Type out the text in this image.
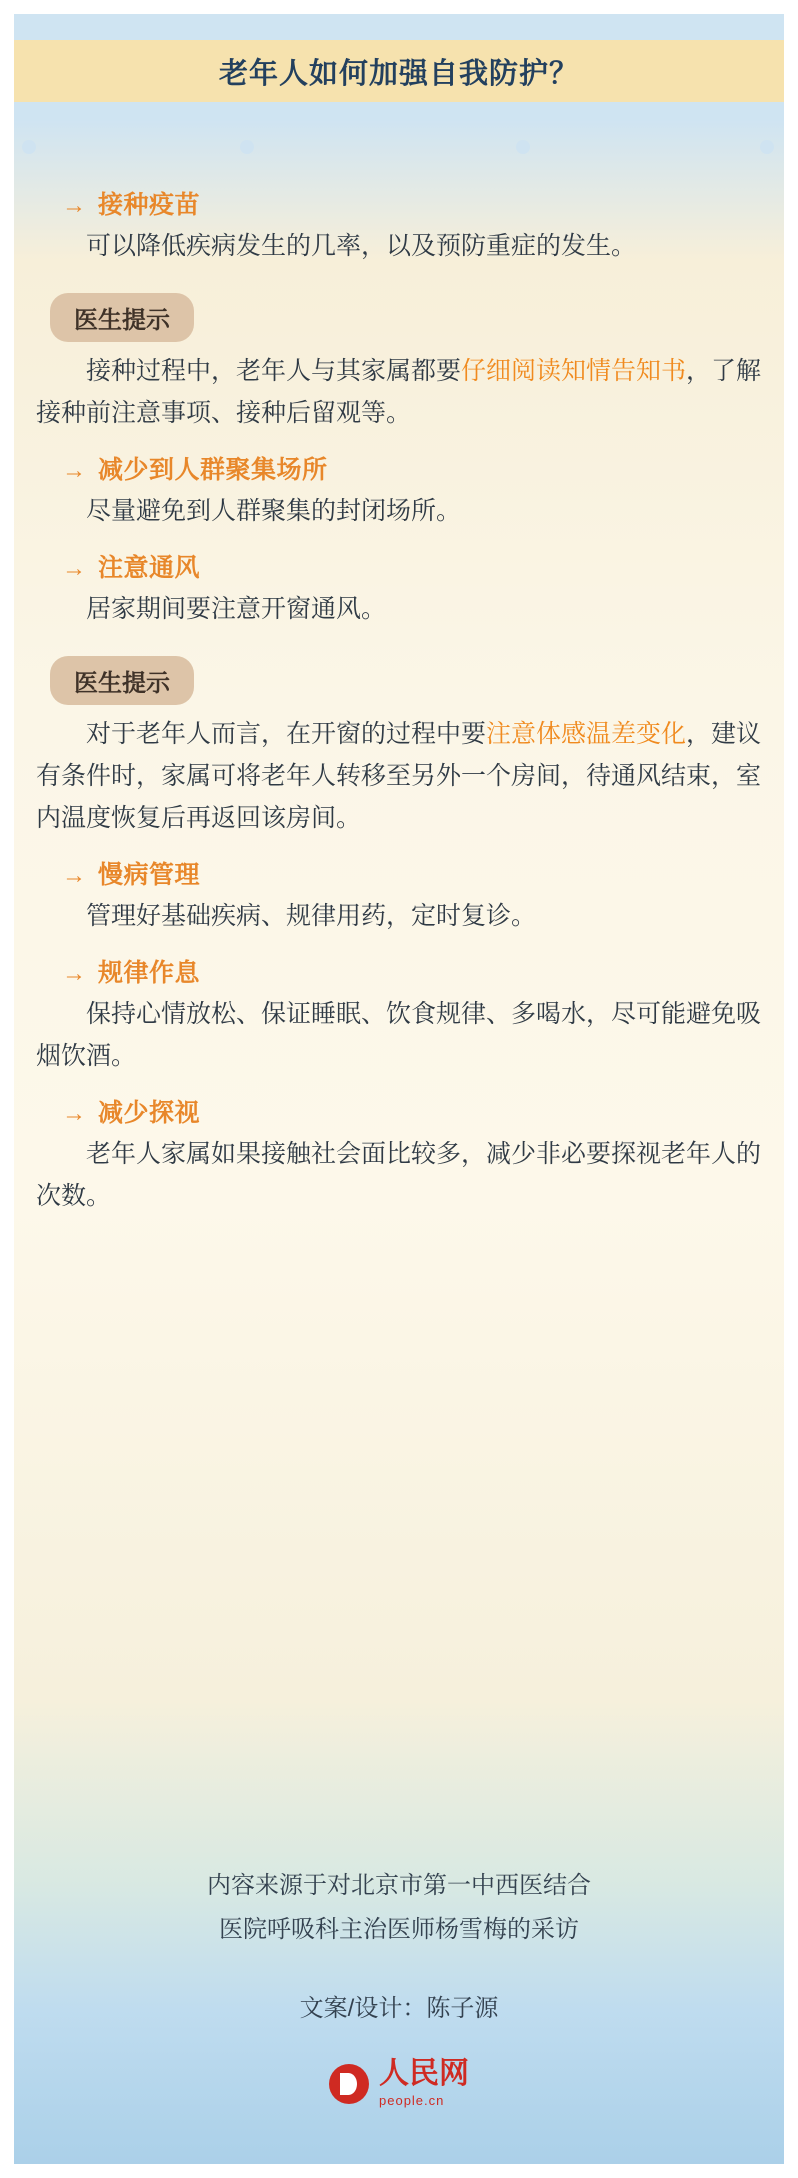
老年人如何加强自我防护？
→ 接种疫苗

可以降低疾病发生的几率，以及预防重症的发生。

医生提示

接种过程中，老年人与其家属都要仔细阅读知情告知书，了解接种前注意事项、接种后留观等。

→ 减少到人群聚集场所

尽量避免到人群聚集的封闭场所。

→ 注意通风

居家期间要注意开窗通风。

医生提示

对于老年人而言，在开窗的过程中要注意体感温差变化，建议有条件时，家属可将老年人转移至另外一个房间，待通风结束，室内温度恢复后再返回该房间。

→ 慢病管理

管理好基础疾病、规律用药，定时复诊。

→ 规律作息

保持心情放松、保证睡眠、饮食规律、多喝水，尽可能避免吸烟饮酒。

→ 减少探视

老年人家属如果接触社会面比较多，减少非必要探视老年人的次数。

内容来源于对北京市第一中西医结合
医院呼吸科主治医师杨雪梅的采访
文案/设计：陈子源
人民网
people.cn
